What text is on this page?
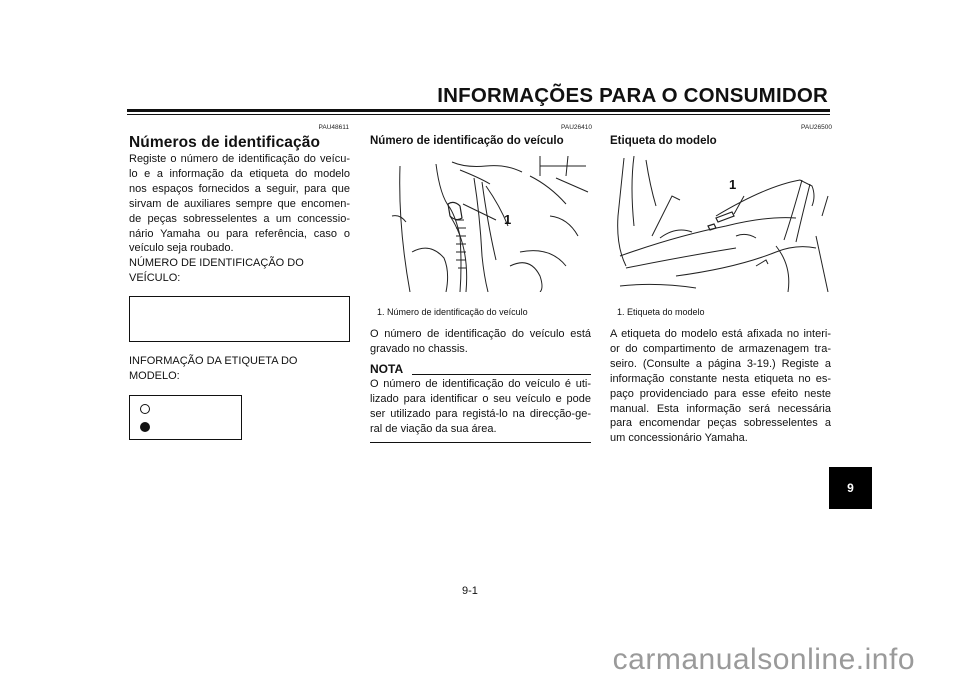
INFORMAÇÕES PARA O CONSUMIDOR
PAU48611
Números de identificação

Registe o número de identificação do veícu-

lo e a informação da etiqueta do modelo

nos espaços fornecidos a seguir, para que

sirvam de auxiliares sempre que encomen-

de peças sobresselentes a um concessio-

nário Yamaha ou para referência, caso o

veículo seja roubado.

NÚMERO DE IDENTIFICAÇÃO DO

VEÍCULO:

INFORMAÇÃO DA ETIQUETA DO

MODELO:

PAU26410
Número de identificação do veículo
1
1. Número de identificação do veículo

O número de identificação do veículo está

gravado no chassis.

NOTA

O número de identificação do veículo é uti-

lizado para identificar o seu veículo e pode

ser utilizado para registá-lo na direcção-ge-

ral de viação da sua área.

PAU26500
Etiqueta do modelo
1
1. Etiqueta do modelo

A etiqueta do modelo está afixada no interi-

or do compartimento de armazenagem tra-

seiro. (Consulte a página 3-19.) Registe a

informação constante nesta etiqueta no es-

paço providenciado para esse efeito neste

manual. Esta informação será necessária

para encomendar peças sobresselentes a

um concessionário Yamaha.

9
9-1
carmanualsonline.info
